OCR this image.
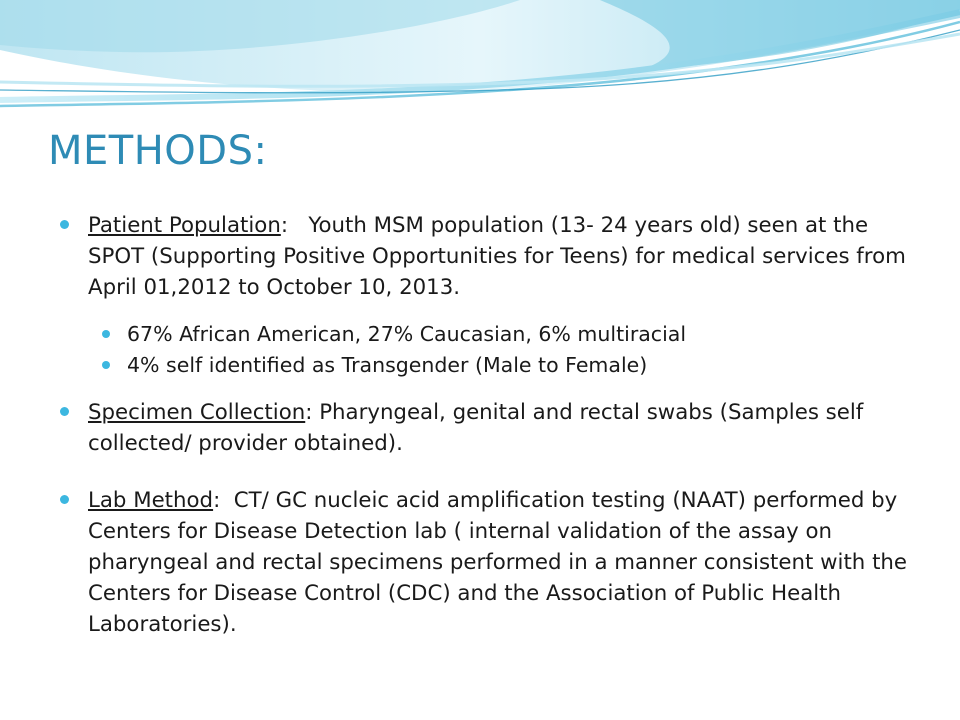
METHODS:
Patient Population:   Youth MSM population (13- 24 years old) seen at the SPOT (Supporting Positive Opportunities for Teens) for medical services from April 01,2012 to October 10, 2013.
67% African American, 27% Caucasian, 6% multiracial
4% self identified as Transgender (Male to Female)
Specimen Collection: Pharyngeal, genital and rectal swabs (Samples self collected/ provider obtained).
Lab Method:  CT/ GC nucleic acid amplification testing (NAAT) performed by Centers for Disease Detection lab ( internal validation of the assay on pharyngeal and rectal specimens performed in a manner consistent with the Centers for Disease Control (CDC) and the Association of Public Health Laboratories).
